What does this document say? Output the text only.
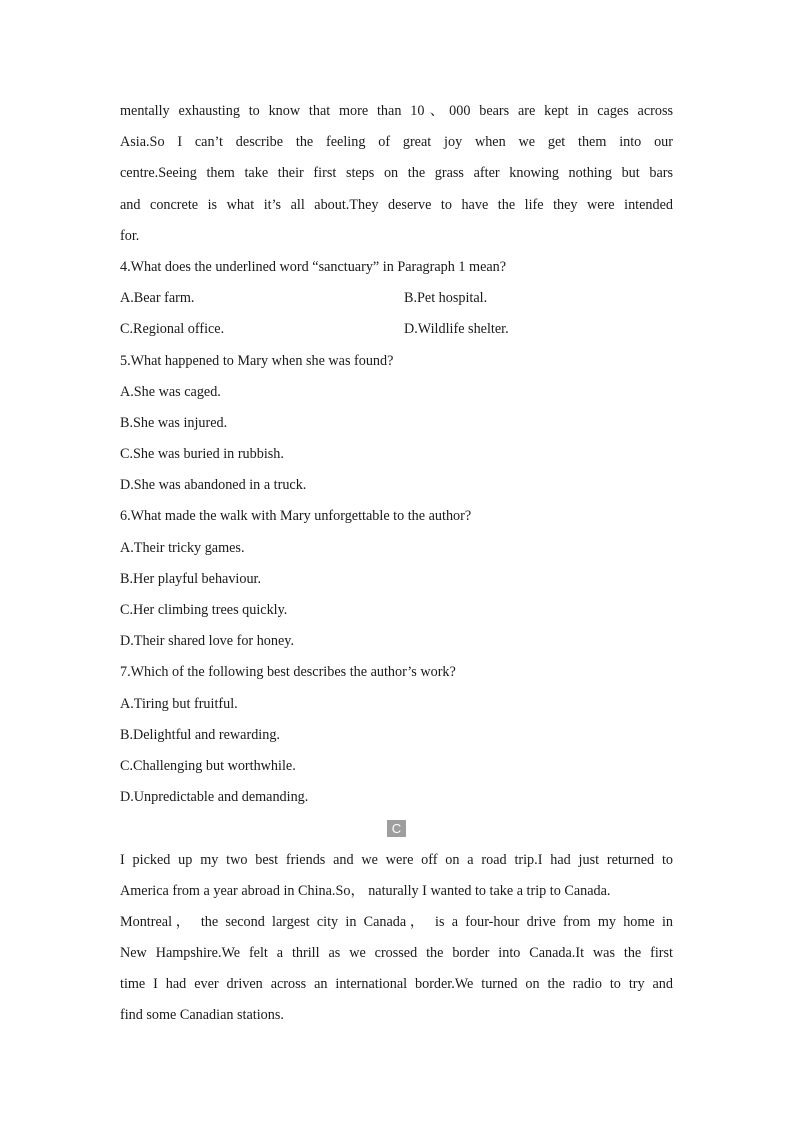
mentally exhausting to know that more than 10、000 bears are kept in cages across
Asia.So I can’t describe the feeling of great joy when we get them into our
centre.Seeing them take their first steps on the grass after knowing nothing but bars
and concrete is what it’s all about.They deserve to have the life they were intended
for.
4.What does the underlined word “sanctuary” in Paragraph 1 mean?
A.Bear farm.	B.Pet hospital.
C.Regional office.	D.Wildlife shelter.
5.What happened to Mary when she was found?
A.She was caged.
B.She was injured.
C.She was buried in rubbish.
D.She was abandoned in a truck.
6.What made the walk with Mary unforgettable to the author?
A.Their tricky games.
B.Her playful behaviour.
C.Her climbing trees quickly.
D.Their shared love for honey.
7.Which of the following best describes the author’s work?
A.Tiring but fruitful.
B.Delightful and rewarding.
C.Challenging but worthwhile.
D.Unpredictable and demanding.
C
I picked up my two best friends and we were off on a road trip.I had just returned to
America from a year abroad in China.So， naturally I wanted to take a trip to Canada.
Montreal， the second largest city in Canada， is a four-hour drive from my home in
New Hampshire.We felt a thrill as we crossed the border into Canada.It was the first
time I had ever driven across an international border.We turned on the radio to try and
find some Canadian stations.
